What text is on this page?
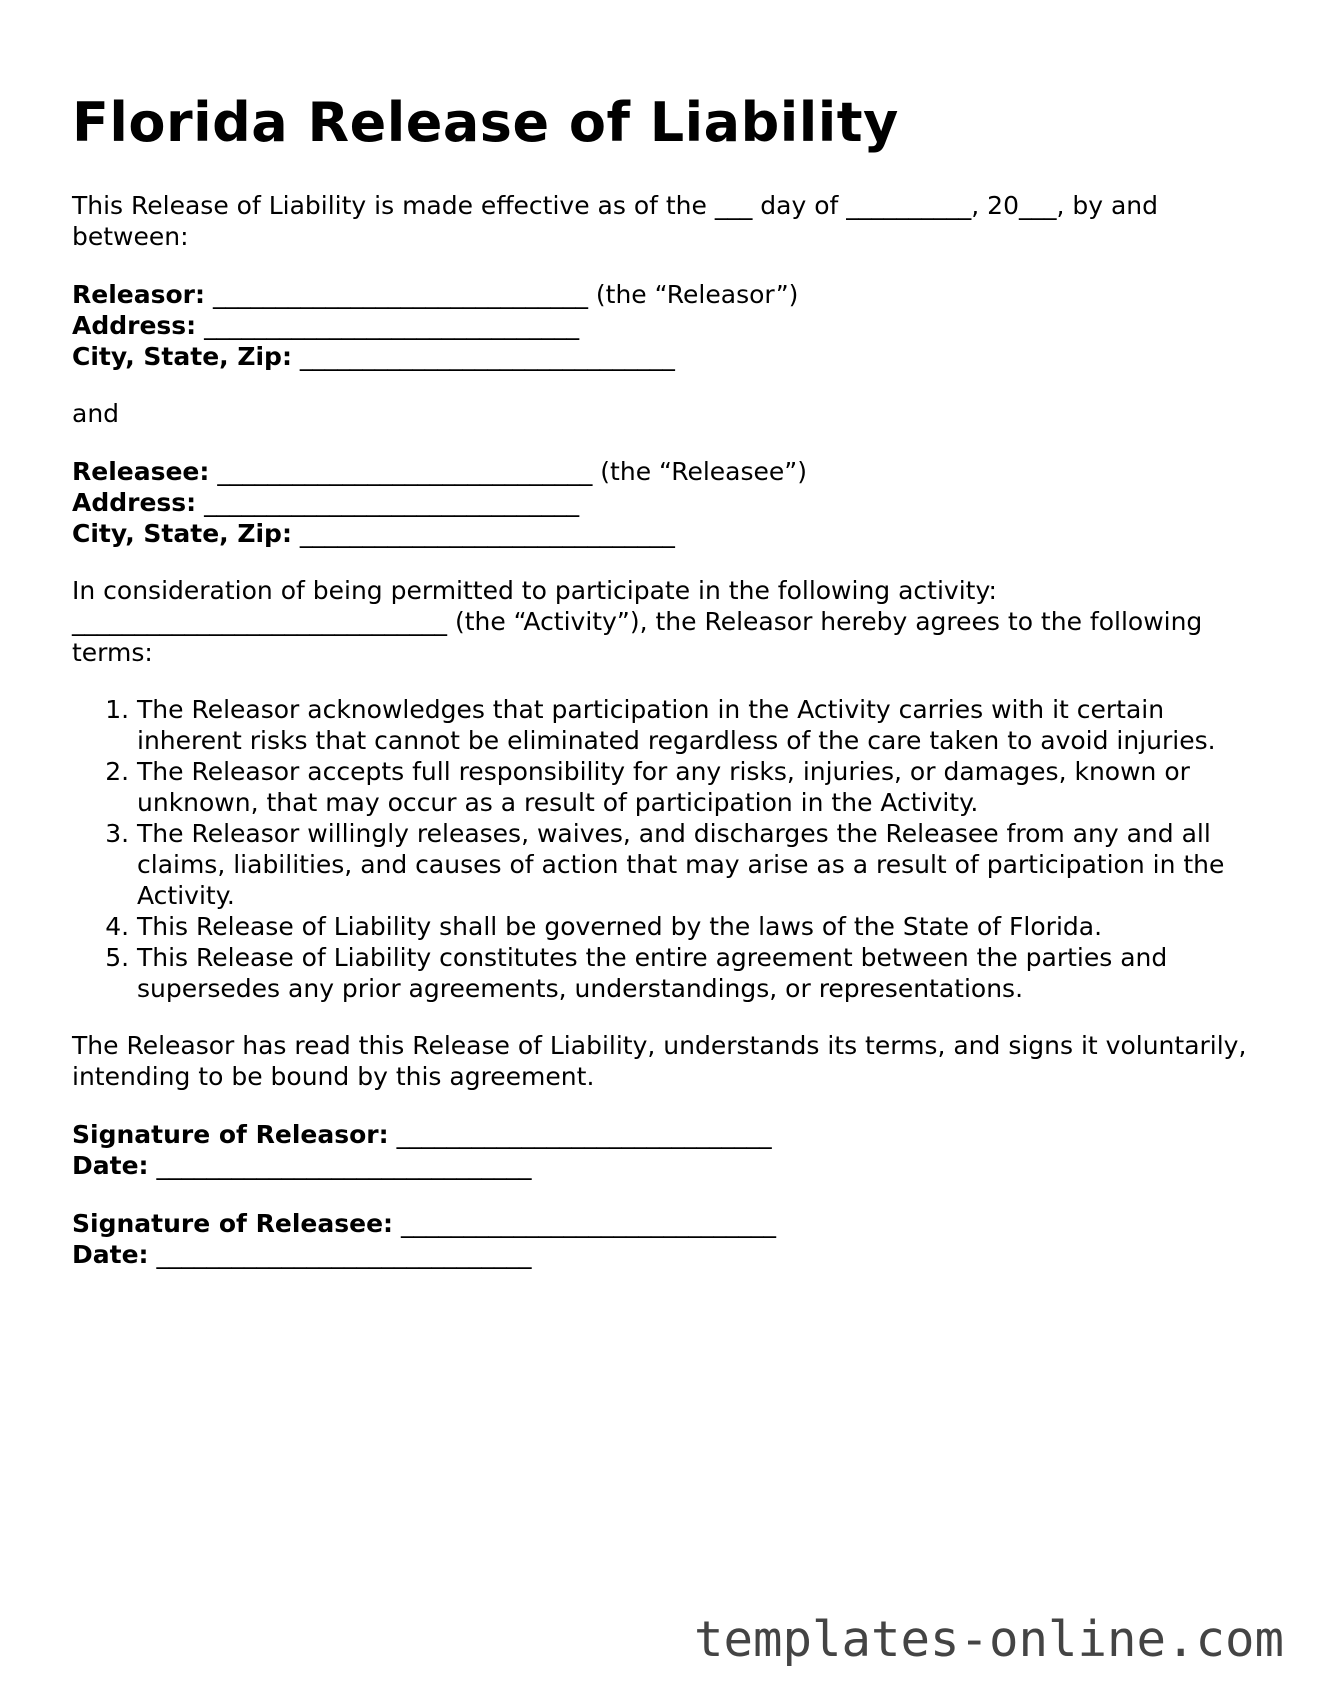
Florida Release of Liability

This Release of Liability is made effective as of the ___ day of __________, 20___, by and between:

Releasor: ______________________________ (the “Releasor”)
Address: ______________________________
City, State, Zip: ______________________________

and

Releasee: ______________________________ (the “Releasee”)
Address: ______________________________
City, State, Zip: ______________________________

In consideration of being permitted to participate in the following activity: ______________________________ (the “Activity”), the Releasor hereby agrees to the following terms:

1. The Releasor acknowledges that participation in the Activity carries with it certain inherent risks that cannot be eliminated regardless of the care taken to avoid injuries.
2. The Releasor accepts full responsibility for any risks, injuries, or damages, known or unknown, that may occur as a result of participation in the Activity.
3. The Releasor willingly releases, waives, and discharges the Releasee from any and all claims, liabilities, and causes of action that may arise as a result of participation in the Activity.
4. This Release of Liability shall be governed by the laws of the State of Florida.
5. This Release of Liability constitutes the entire agreement between the parties and supersedes any prior agreements, understandings, or representations.

The Releasor has read this Release of Liability, understands its terms, and signs it voluntarily, intending to be bound by this agreement.

Signature of Releasor: ______________________________
Date: ______________________________
Signature of Releasee: ______________________________
Date: ______________________________
templates-online.com
